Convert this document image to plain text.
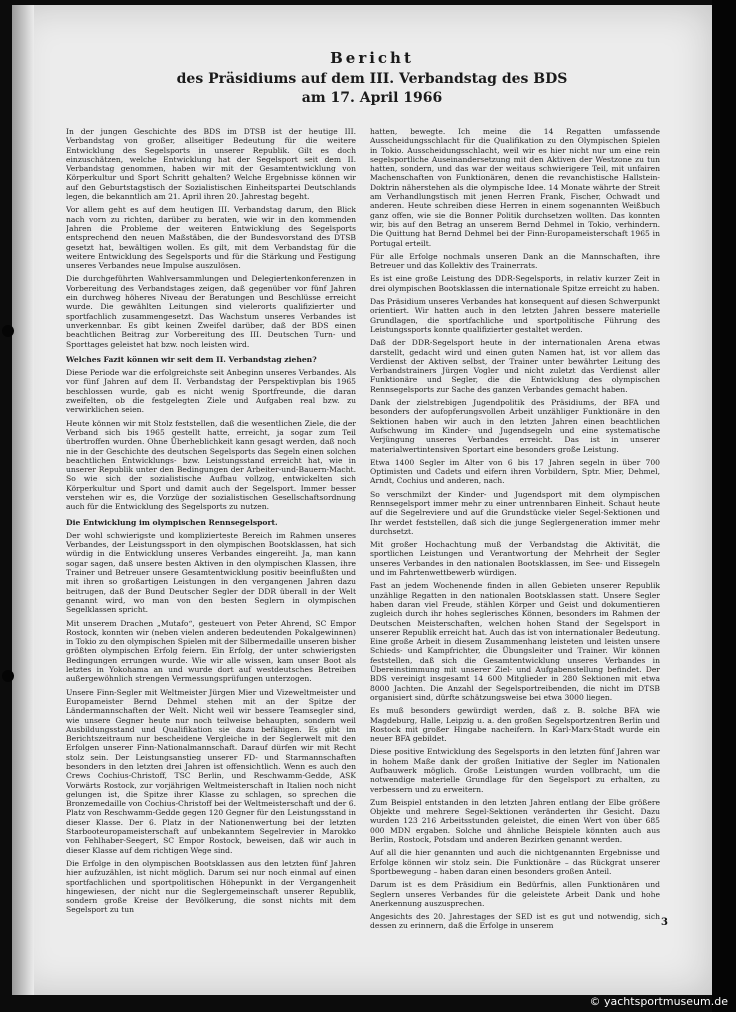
Bericht
des Präsidiums auf dem III. Verbandstag des BDS
am 17. April 1966

In der jungen Geschichte des BDS im DTSB ist der heutige III. Verbandstag von großer, allseitiger Bedeutung für die weitere Entwicklung des Segelsports in unserer Republik. Gilt es doch einzuschätzen, welche Entwicklung hat der Segelsport seit dem II. Verbandstag genommen, haben wir mit der Gesamtentwicklung von Körperkultur und Sport Schritt gehalten? Welche Ergebnisse können wir auf den Geburtstagstisch der Sozialistischen Einheitspartei Deutschlands legen, die bekanntlich am 21. April ihren 20. Jahrestag begeht.

Vor allem geht es auf dem heutigen III. Verbandstag darum, den Blick nach vorn zu richten, darüber zu beraten, wie wir in den kommenden Jahren die Probleme der weiteren Entwicklung des Segelsports entsprechend den neuen Maßstäben, die der Bundesvorstand des DTSB gesetzt hat, bewältigen wollen. Es gilt, mit dem Verbandstag für die weitere Entwicklung des Segelsports und für die Stärkung und Festigung unseres Verbandes neue Impulse auszulösen.

Die durchgeführten Wahlversammlungen und Delegiertenkonferenzen in Vorbereitung des Verbandstages zeigen, daß gegenüber vor fünf Jahren ein durchweg höheres Niveau der Beratungen und Beschlüsse erreicht wurde. Die gewählten Leitungen sind vielerorts qualifizierter und sportfachlich zusammengesetzt. Das Wachstum unseres Verbandes ist unverkennbar. Es gibt keinen Zweifel darüber, daß der BDS einen beachtlichen Beitrag zur Vorbereitung des III. Deutschen Turn- und Sporttages geleistet hat bzw. noch leisten wird.

Welches Fazit können wir seit dem II. Verbandstag ziehen?

Diese Periode war die erfolgreichste seit Anbeginn unseres Verbandes. Als vor fünf Jahren auf dem II. Verbandstag der Perspektivplan bis 1965 beschlossen wurde, gab es nicht wenig Sportfreunde, die daran zweifelten, ob die festgelegten Ziele und Aufgaben real bzw. zu verwirklichen seien.

Heute können wir mit Stolz feststellen, daß die wesentlichen Ziele, die der Verband sich bis 1965 gestellt hatte, erreicht, ja sogar zum Teil übertroffen wurden. Ohne Überheblichkeit kann gesagt werden, daß noch nie in der Geschichte des deutschen Segelsports das Segeln einen solchen beachtlichen Entwicklungs- bzw. Leistungsstand erreicht hat, wie in unserer Republik unter den Bedingungen der Arbeiter-und-Bauern-Macht. So wie sich der sozialistische Aufbau vollzog, entwickelten sich Körperkultur und Sport und damit auch der Segelsport. Immer besser verstehen wir es, die Vorzüge der sozialistischen Gesellschaftsordnung auch für die Entwicklung des Segelsports zu nutzen.

Die Entwicklung im olympischen Rennsegelsport.

Der wohl schwierigste und komplizierteste Bereich im Rahmen unseres Verbandes, der Leistungssport in den olympischen Bootsklassen, hat sich würdig in die Entwicklung unseres Verbandes eingereiht. Ja, man kann sogar sagen, daß unsere besten Aktiven in den olympischen Klassen, ihre Trainer und Betreuer unsere Gesamtentwicklung positiv beeinflußten und mit ihren so großartigen Leistungen in den vergangenen Jahren dazu beitrugen, daß der Bund Deutscher Segler der DDR überall in der Welt genannt wird, wo man von den besten Seglern in olympischen Segelklassen spricht.

Mit unserem Drachen „Mutafo“, gesteuert von Peter Ahrend, SC Empor Rostock, konnten wir (neben vielen anderen bedeutenden Pokalgewinnen) in Tokio zu den olympischen Spielen mit der Silbermedaille unseren bisher größten olympischen Erfolg feiern. Ein Erfolg, der unter schwierigsten Bedingungen errungen wurde. Wie wir alle wissen, kam unser Boot als letztes in Yokohama an und wurde dort auf westdeutsches Betreiben außergewöhnlich strengen Vermessungsprüfungen unterzogen.

Unsere Finn-Segler mit Weltmeister Jürgen Mier und Vizeweltmeister und Europameister Bernd Dehmel stehen mit an der Spitze der Ländermannschaften der Welt. Nicht weil wir bessere Teamsegler sind, wie unsere Gegner heute nur noch teilweise behaupten, sondern weil Ausbildungsstand und Qualifikation sie dazu befähigen. Es gibt im Berichtszeitraum nur bescheidene Vergleiche in der Seglerwelt mit den Erfolgen unserer Finn-Nationalmannschaft. Darauf dürfen wir mit Recht stolz sein. Der Leistungsanstieg unserer FD- und Starmannschaften besonders in den letzten drei Jahren ist offensichtlich. Wenn es auch den Crews Cochius-Christoff, TSC Berlin, und Reschwamm-Gedde, ASK Vorwärts Rostock, zur vorjährigen Weltmeisterschaft in Italien noch nicht gelungen ist, die Spitze ihrer Klasse zu schlagen, so sprechen die Bronzemedaille von Cochius-Christoff bei der Weltmeisterschaft und der 6. Platz von Reschwamm-Gedde gegen 120 Gegner für den Leistungsstand in dieser Klasse. Der 6. Platz in der Nationenwertung bei der letzten Starbooteuropameisterschaft auf unbekanntem Segelrevier in Marokko von Fehlhaber-Seegert, SC Empor Rostock, beweisen, daß wir auch in dieser Klasse auf dem richtigen Wege sind.

Die Erfolge in den olympischen Bootsklassen aus den letzten fünf Jahren hier aufzuzählen, ist nicht möglich. Darum sei nur noch einmal auf einen sportfachlichen und sportpolitischen Höhepunkt in der Vergangenheit hingewiesen, der nicht nur die Seglergemeinschaft unserer Republik, sondern große Kreise der Bevölkerung, die sonst nichts mit dem Segelsport zu tun

hatten, bewegte. Ich meine die 14 Regatten umfassende Ausscheidungsschlacht für die Qualifikation zu den Olympischen Spielen in Tokio. Ausscheidungsschlacht, weil wir es hier nicht nur um eine rein segelsportliche Auseinandersetzung mit den Aktiven der Westzone zu tun hatten, sondern, und das war der weitaus schwierigere Teil, mit unfairen Machenschaften von Funktionären, denen die revanchistische Hallstein-Doktrin näherstehen als die olympische Idee. 14 Monate währte der Streit am Verhandlungstisch mit jenen Herren Frank, Fischer, Ochwadt und anderen. Heute schreiben diese Herren in einem sogenannten Weißbuch ganz offen, wie sie die Bonner Politik durchsetzen wollten. Das konnten wir, bis auf den Betrag an unserem Bernd Dehmel in Tokio, verhindern. Die Quittung hat Bernd Dehmel bei der Finn-Europameisterschaft 1965 in Portugal erteilt.

Für alle Erfolge nochmals unseren Dank an die Mannschaften, ihre Betreuer und das Kollektiv des Trainerrats.

Es ist eine große Leistung des DDR-Segelsports, in relativ kurzer Zeit in drei olympischen Bootsklassen die internationale Spitze erreicht zu haben.

Das Präsidium unseres Verbandes hat konsequent auf diesen Schwerpunkt orientiert. Wir hatten auch in den letzten Jahren bessere materielle Grundlagen, die sportfachliche und sportpolitische Führung des Leistungssports konnte qualifizierter gestaltet werden.

Daß der DDR-Segelsport heute in der internationalen Arena etwas darstellt, gedacht wird und einen guten Namen hat, ist vor allem das Verdienst der Aktiven selbst, der Trainer unter bewährter Leitung des Verbandstrainers Jürgen Vogler und nicht zuletzt das Verdienst aller Funktionäre und Segler, die die Entwicklung des olympischen Rennsegelsports zur Sache des ganzen Verbandes gemacht haben.

Dank der zielstrebigen Jugendpolitik des Präsidiums, der BFA und besonders der aufopferungsvollen Arbeit unzähliger Funktionäre in den Sektionen haben wir auch in den letzten Jahren einen beachtlichen Aufschwung im Kinder- und Jugendsegeln und eine systematische Verjüngung unseres Verbandes erreicht. Das ist in unserer materialwertintensiven Sportart eine besonders große Leistung.

Etwa 1400 Segler im Alter von 6 bis 17 Jahren segeln in über 700 Optimisten und Cadets und eifern ihren Vorbildern, Sptr. Mier, Dehmel, Arndt, Cochius und anderen, nach.

So verschmilzt der Kinder- und Jugendsport mit dem olympischen Rennsegelsport immer mehr zu einer untrennbaren Einheit. Schaut heute auf die Segelreviere und auf die Grundstücke vieler Segel-Sektionen und Ihr werdet feststellen, daß sich die junge Seglergeneration immer mehr durchsetzt.

Mit großer Hochachtung muß der Verbandstag die Aktivität, die sportlichen Leistungen und Verantwortung der Mehrheit der Segler unseres Verbandes in den nationalen Bootsklassen, im See- und Eissegeln und im Fahrtenwettbewerb würdigen.

Fast an jedem Wochenende finden in allen Gebieten unserer Republik unzählige Regatten in den nationalen Bootsklassen statt. Unsere Segler haben daran viel Freude, stählen Körper und Geist und dokumentieren zugleich durch ihr hohes seglerisches Können, besonders im Rahmen der Deutschen Meisterschaften, welchen hohen Stand der Segelsport in unserer Republik erreicht hat. Auch das ist von internationaler Bedeutung. Eine große Arbeit in diesem Zusammenhang leisteten und leisten unsere Schieds- und Kampfrichter, die Übungsleiter und Trainer. Wir können feststellen, daß sich die Gesamtentwicklung unseres Verbandes in Übereinstimmung mit unserer Ziel- und Aufgabenstellung befindet. Der BDS vereinigt insgesamt 14 600 Mitglieder in 280 Sektionen mit etwa 8000 Jachten. Die Anzahl der Segelsportreibenden, die nicht im DTSB organisiert sind, dürfte schätzungsweise bei etwa 3000 liegen.

Es muß besonders gewürdigt werden, daß z. B. solche BFA wie Magdeburg, Halle, Leipzig u. a. den großen Segelsportzentren Berlin und Rostock mit großer Hingabe nacheifern. In Karl-Marx-Stadt wurde ein neuer BFA gebildet.

Diese positive Entwicklung des Segelsports in den letzten fünf Jahren war in hohem Maße dank der großen Initiative der Segler im Nationalen Aufbauwerk möglich. Große Leistungen wurden vollbracht, um die notwendige materielle Grundlage für den Segelsport zu erhalten, zu verbessern und zu erweitern.

Zum Beispiel entstanden in den letzten Jahren entlang der Elbe größere Objekte und mehrere Segel-Sektionen veränderten ihr Gesicht. Dazu wurden 123 216 Arbeitsstunden geleistet, die einen Wert von über 685 000 MDN ergaben. Solche und ähnliche Beispiele könnten auch aus Berlin, Rostock, Potsdam und anderen Bezirken genannt werden.

Auf all die hier genannten und auch die nichtgenannten Ergebnisse und Erfolge können wir stolz sein. Die Funktionäre – das Rückgrat unserer Sportbewegung – haben daran einen besonders großen Anteil.

Darum ist es dem Präsidium ein Bedürfnis, allen Funktionären und Seglern unseres Verbandes für die geleistete Arbeit Dank und hohe Anerkennung auszusprechen.

Angesichts des 20. Jahrestages der SED ist es gut und notwendig, sich dessen zu erinnern, daß die Erfolge in unserem	3
© yachtsportmuseum.de
